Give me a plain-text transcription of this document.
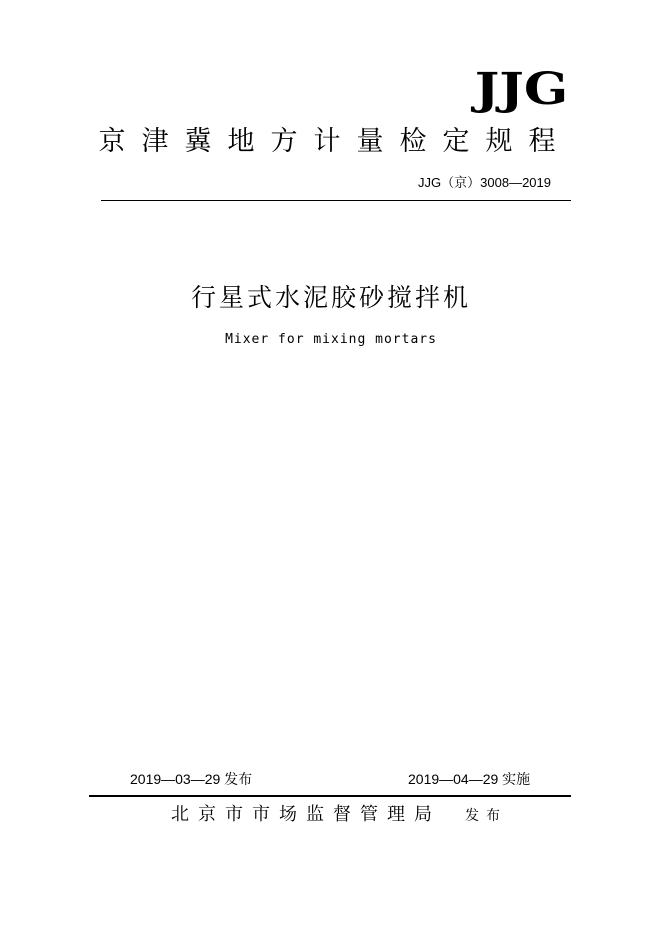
JJG
京津冀地方计量检定规程
JJG（京）3008—2019
行星式水泥胶砂搅拌机
Mixer for mixing mortars
2019—03—29 发布	2019—04—29 实施
北京市市场监督管理局 发布
